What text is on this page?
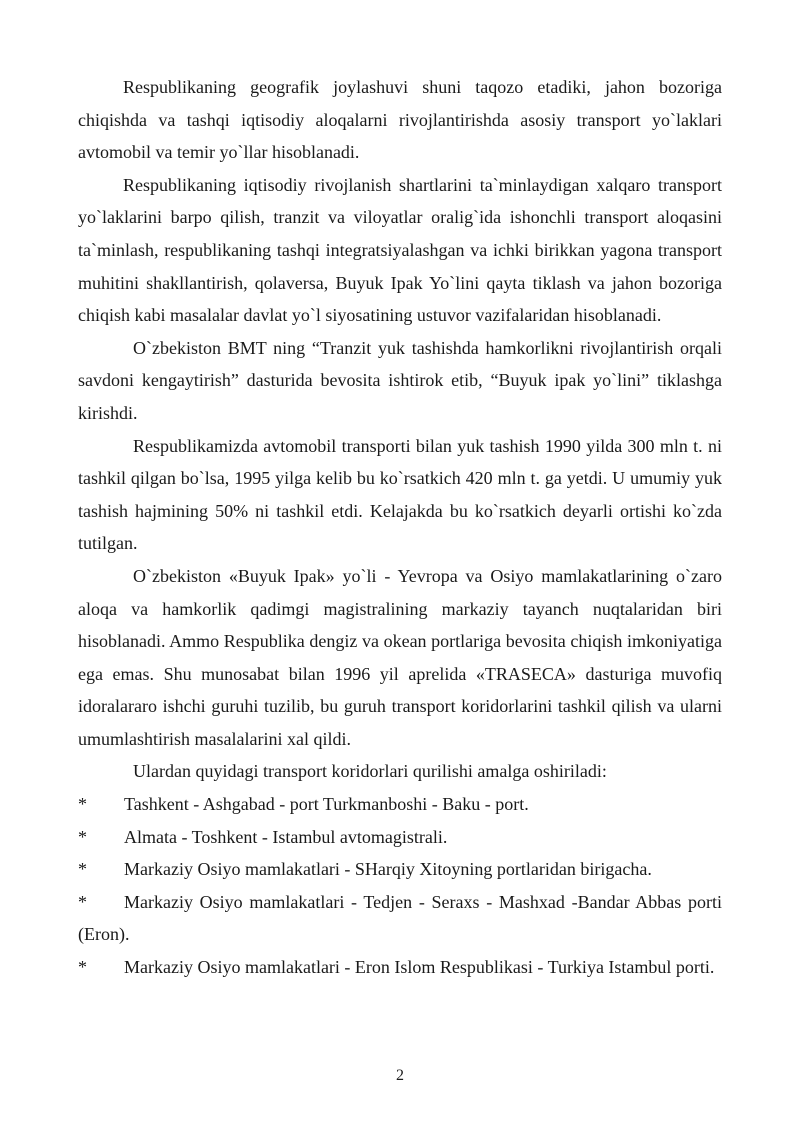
Respublikaning geografik joylashuvi shuni taqozo etadiki, jahon bozoriga chiqishda va tashqi iqtisodiy aloqalarni rivojlantirishda asosiy transport yo`laklari avtomobil va temir yo`llar hisoblanadi.

Respublikaning iqtisodiy rivojlanish shartlarini ta`minlaydigan xalqaro transport yo`laklarini barpo qilish, tranzit va viloyatlar oralig`ida ishonchli transport aloqasini ta`minlash, respublikaning tashqi integratsiyalashgan va ichki birikkan yagona transport muhitini shakllantirish, qolaversa, Buyuk Ipak Yo`lini qayta tiklash va jahon bozoriga chiqish kabi masalalar davlat yo`l siyosatining ustuvor vazifalaridan hisoblanadi.

O`zbekiston BMT ning “Tranzit yuk tashishda hamkorlikni rivojlantirish orqali savdoni kengaytirish” dasturida bevosita ishtirok etib, “Buyuk ipak yo`lini” tiklashga kirishdi.

Respublikamizda avtomobil transporti bilan yuk tashish 1990 yilda 300 mln t. ni tashkil qilgan bo`lsa, 1995 yilga kelib bu ko`rsatkich 420 mln t. ga yetdi. U umumiy yuk tashish hajmining 50% ni tashkil etdi. Kelajakda bu ko`rsatkich deyarli ortishi ko`zda tutilgan.

O`zbekiston «Buyuk Ipak» yo`li - Yevropa va Osiyo mamlakatlarining o`zaro aloqa va hamkorlik qadimgi magistralining markaziy tayanch nuqtalaridan biri hisoblanadi. Ammo Respublika dengiz va okean portlariga bevosita chiqish imkoniyatiga ega emas. Shu munosabat bilan 1996 yil aprelida «TRASECA» dasturiga muvofiq idoralararo ishchi guruhi tuzilib, bu guruh transport koridorlarini tashkil qilish va ularni umumlashtirish masalalarini xal qildi.

Ulardan quyidagi transport koridorlari qurilishi amalga oshiriladi:

* Tashkent - Ashgabad - port Turkmanboshi - Baku - port.

* Almata - Toshkent - Istambul avtomagistrali.

* Markaziy Osiyo mamlakatlari - SHarqiy Xitoyning portlaridan birigacha.

* Markaziy Osiyo mamlakatlari - Tedjen - Seraxs - Mashxad -Bandar Abbas porti (Eron).

* Markaziy Osiyo mamlakatlari - Eron Islom Respublikasi - Turkiya Istambul porti.

2
